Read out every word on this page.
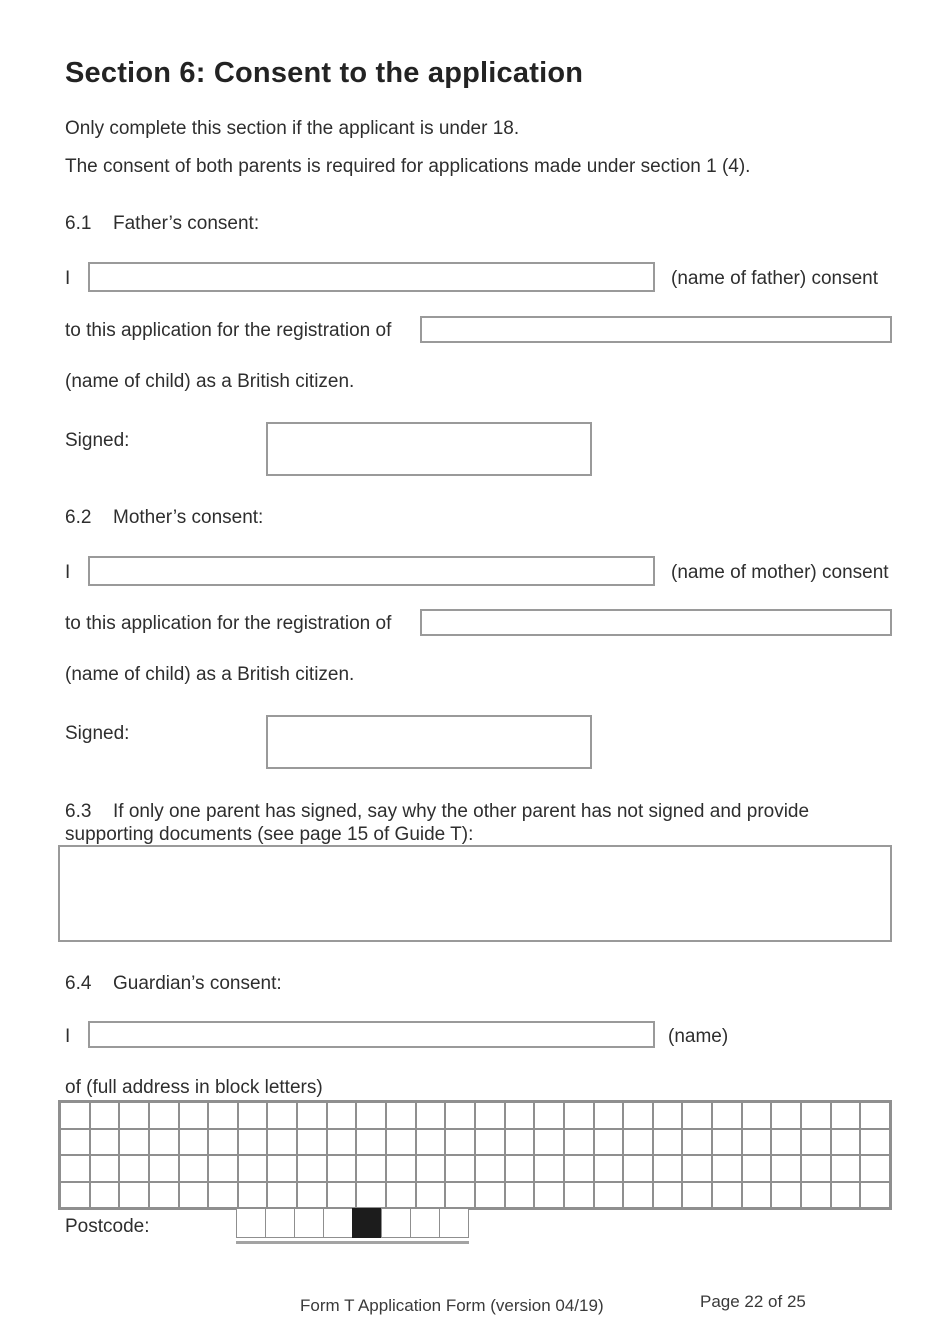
Section 6: Consent to the application

Only complete this section if the applicant is under 18.

The consent of both parents is required for applications made under section 1 (4).

6.1 Father’s consent:
I	(name of father) consent
to this application for the registration of
(name of child) as a British citizen.
Signed:
6.2 Mother’s consent:
I	(name of mother) consent
to this application for the registration of
(name of child) as a British citizen.
Signed:
6.3 If only one parent has signed, say why the other parent has not signed and provide
supporting documents (see page 15 of Guide T):
6.4 Guardian’s consent:
I	(name)
of (full address in block letters)
Postcode:
Form T Application Form (version 04/19)	Page 22 of 25
